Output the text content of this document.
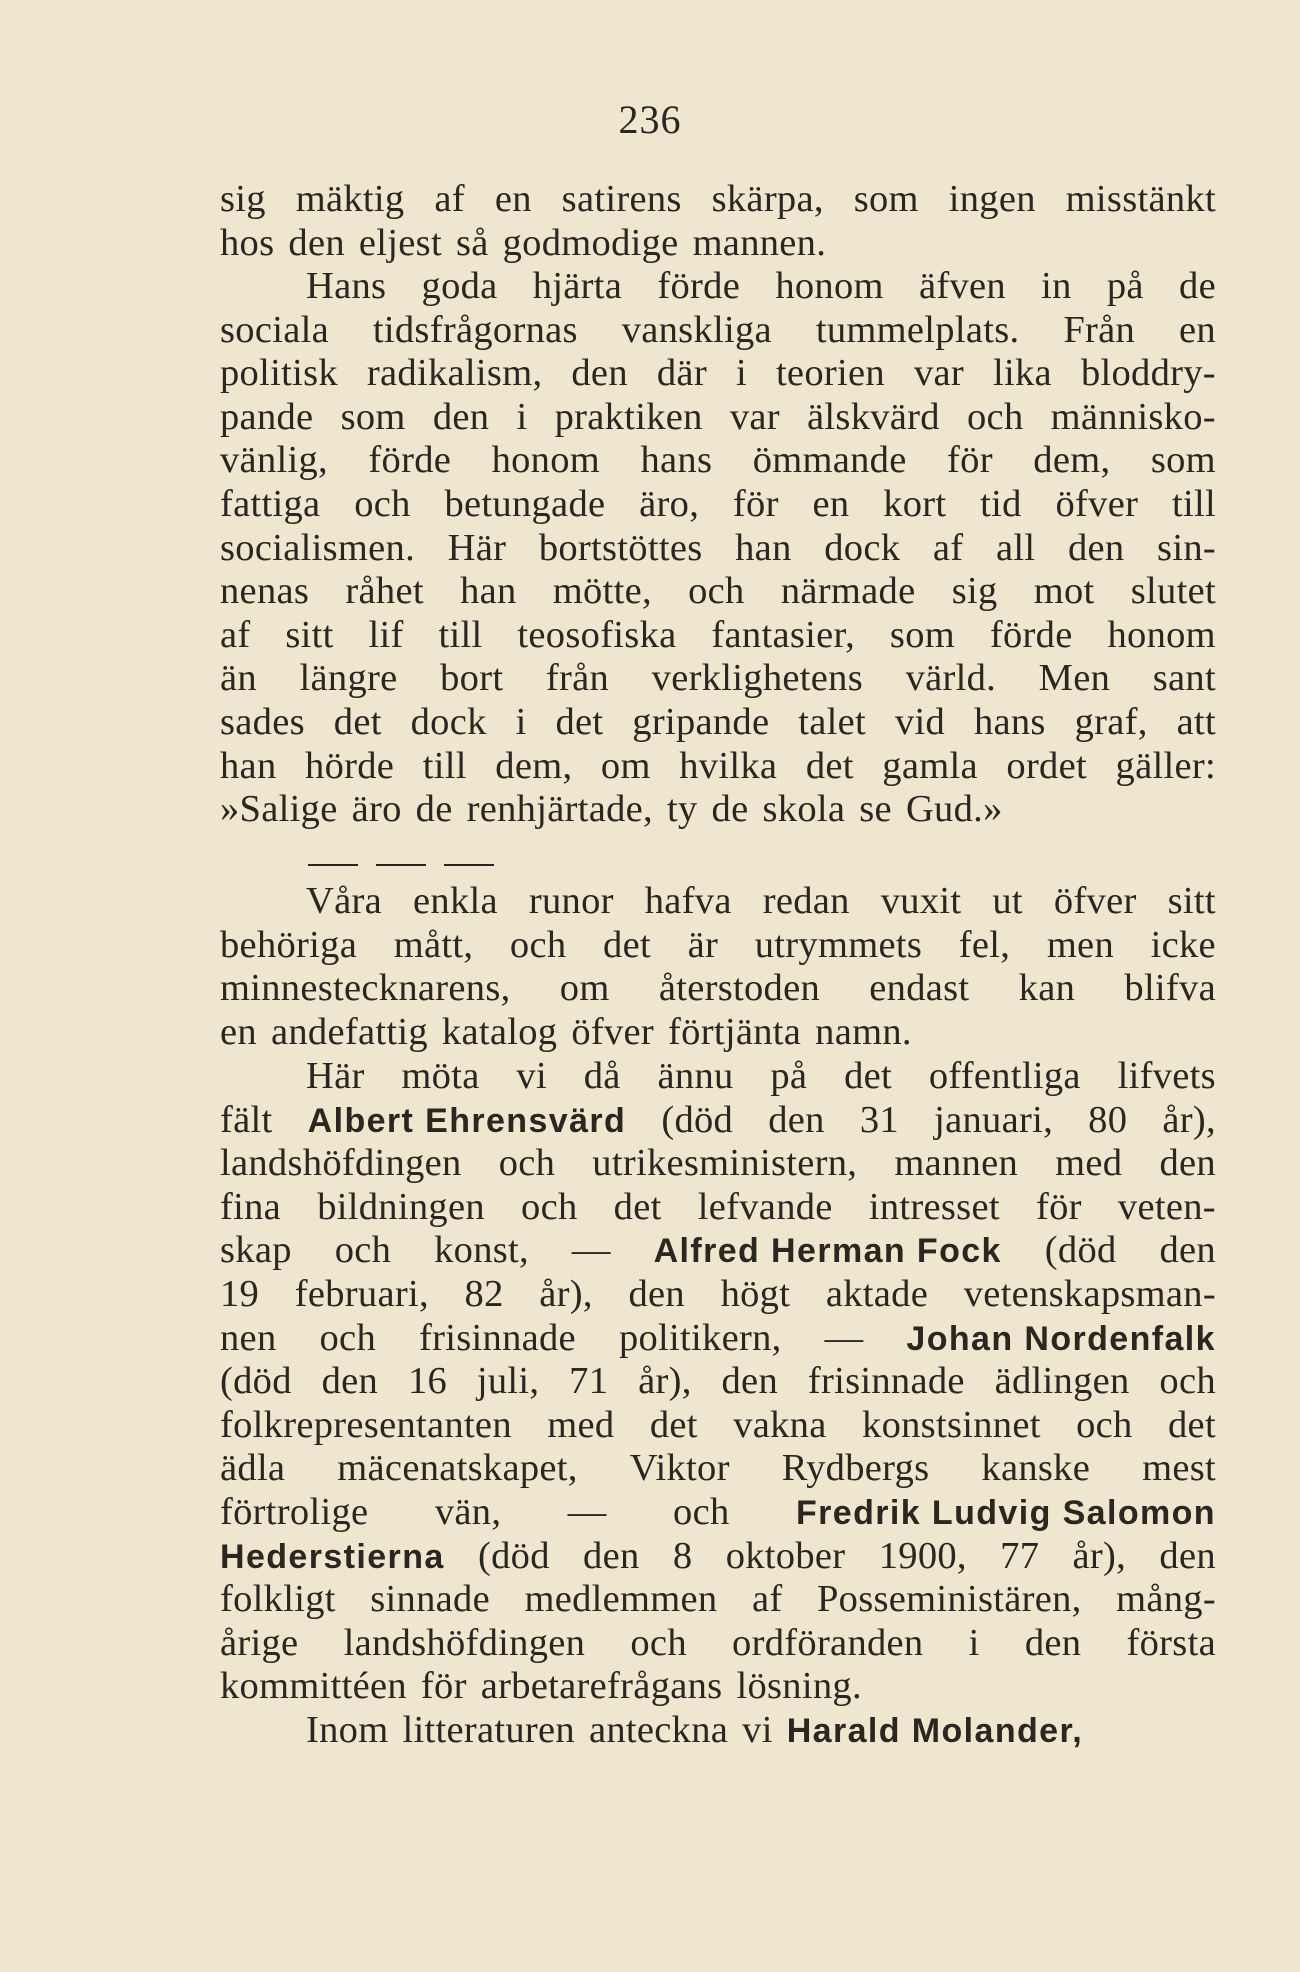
236
sig mäktig af en satirens skärpa, som ingen misstänkt
hos den eljest så godmodige mannen.
Hans goda hjärta förde honom äfven in på de
sociala tidsfrågornas vanskliga tummelplats. Från en
politisk radikalism, den där i teorien var lika bloddry-
pande som den i praktiken var älskvärd och människo-
vänlig, förde honom hans ömmande för dem, som
fattiga och betungade äro, för en kort tid öfver till
socialismen. Här bortstöttes han dock af all den sin-
nenas råhet han mötte, och närmade sig mot slutet
af sitt lif till teosofiska fantasier, som förde honom
än längre bort från verklighetens värld. Men sant
sades det dock i det gripande talet vid hans graf, att
han hörde till dem, om hvilka det gamla ordet gäller:
»Salige äro de renhjärtade, ty de skola se Gud.»
Våra enkla runor hafva redan vuxit ut öfver sitt
behöriga mått, och det är utrymmets fel, men icke
minnestecknarens, om återstoden endast kan blifva
en andefattig katalog öfver förtjänta namn.
Här möta vi då ännu på det offentliga lifvets
fält Albert Ehrensvärd (död den 31 januari, 80 år),
landshöfdingen och utrikesministern, mannen med den
fina bildningen och det lefvande intresset för veten-
skap och konst, — Alfred Herman Fock (död den
19 februari, 82 år), den högt aktade vetenskapsman-
nen och frisinnade politikern, — Johan Nordenfalk
(död den 16 juli, 71 år), den frisinnade ädlingen och
folkrepresentanten med det vakna konstsinnet och det
ädla mäcenatskapet, Viktor Rydbergs kanske mest
förtrolige vän, — och Fredrik Ludvig Salomon
Hederstierna (död den 8 oktober 1900, 77 år), den
folkligt sinnade medlemmen af Posseministären, mång-
årige landshöfdingen och ordföranden i den första
kommittéen för arbetarefrågans lösning.
Inom litteraturen anteckna vi Harald Molander,
